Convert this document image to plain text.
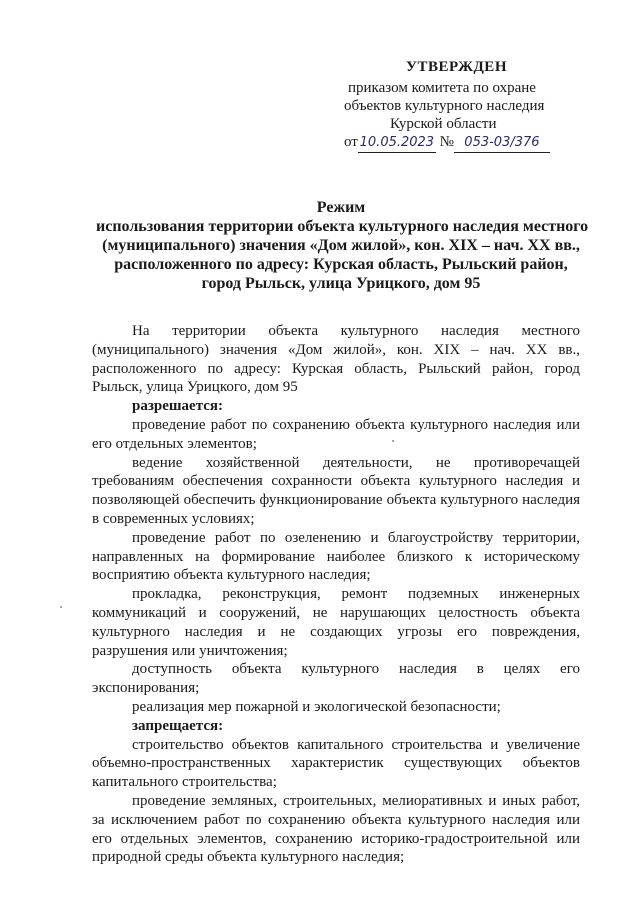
УТВЕРЖДЕН
приказом комитета по охране
объектов культурного наследия
Курской области
от 10.05.2023 № 053-03/376
Режим
использования территории объекта культурного наследия местного
(муниципального) значения «Дом жилой», кон. XIX – нач. XX вв.,
расположенного по адресу: Курская область, Рыльский район,
город Рыльск, улица Урицкого, дом 95

На территории объекта культурного наследия местного (муниципального) значения «Дом жилой», кон. XIX – нач. XX вв., расположенного по адресу: Курская область, Рыльский район, город Рыльск, улица Урицкого, дом 95

разрешается:

проведение работ по сохранению объекта культурного наследия или его отдельных элементов;

ведение хозяйственной деятельности, не противоречащей требованиям обеспечения сохранности объекта культурного наследия и позволяющей обеспечить функционирование объекта культурного наследия в современных условиях;

проведение работ по озеленению и благоустройству территории, направленных на формирование наиболее близкого к историческому восприятию объекта культурного наследия;

прокладка, реконструкция, ремонт подземных инженерных коммуникаций и сооружений, не нарушающих целостность объекта культурного наследия и не создающих угрозы его повреждения, разрушения или уничтожения;

доступность объекта культурного наследия в целях его экспонирования;

реализация мер пожарной и экологической безопасности;

запрещается:

строительство объектов капитального строительства и увеличение объемно-пространственных характеристик существующих объектов капитального строительства;

проведение земляных, строительных, мелиоративных и иных работ, за исключением работ по сохранению объекта культурного наследия или его отдельных элементов, сохранению историко-градостроительной или природной среды объекта культурного наследия;
